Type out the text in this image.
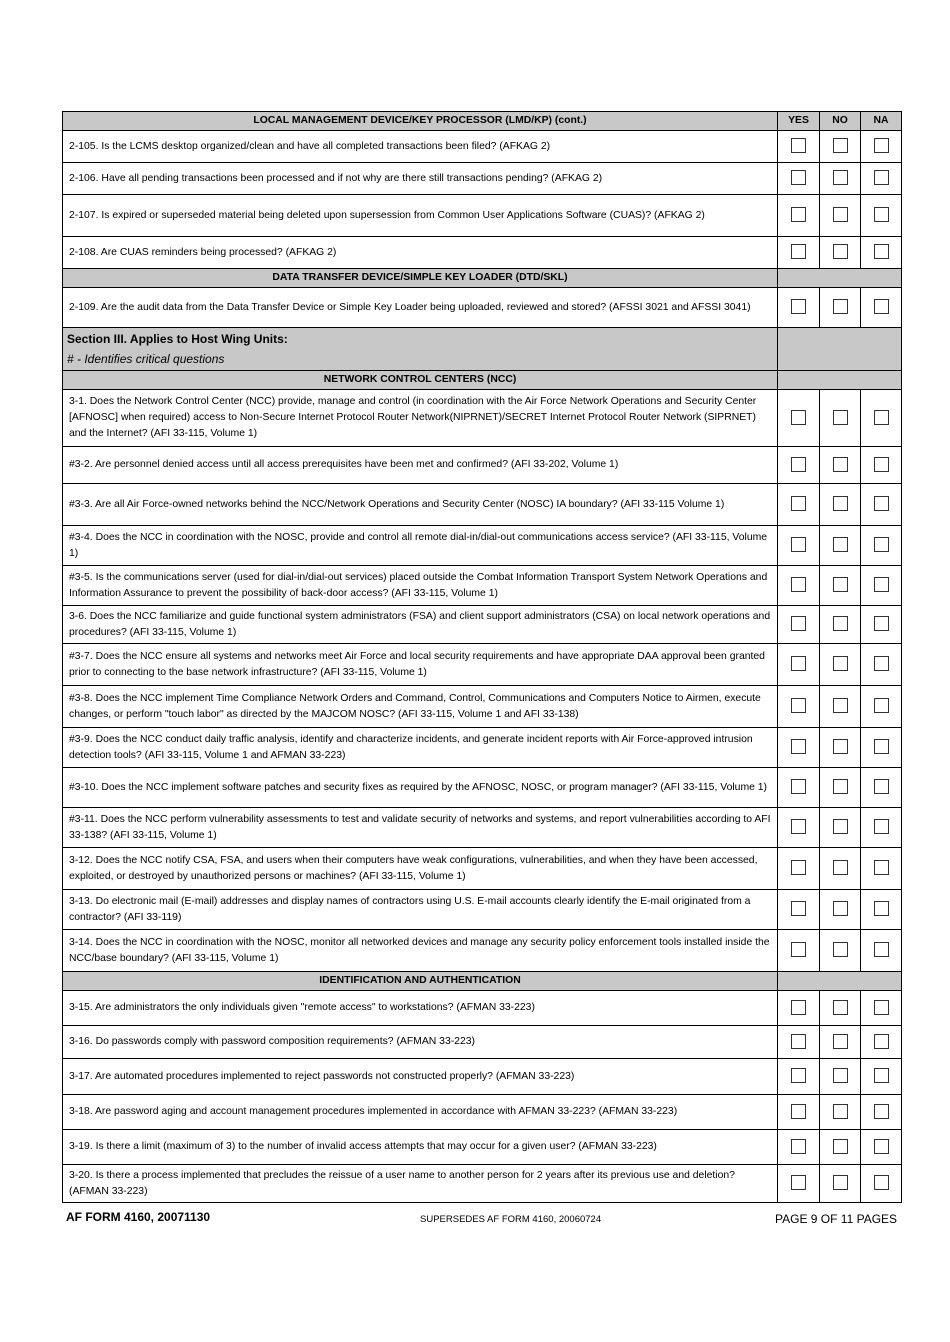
LOCAL MANAGEMENT DEVICE/KEY PROCESSOR (LMD/KP) (cont.)	YES	NO	NA
2-105. Is the LCMS desktop organized/clean and have all completed transactions been filed? (AFKAG 2)			
2-106. Have all pending transactions been processed and if not why are there still transactions pending? (AFKAG 2)			
2-107. Is expired or superseded material being deleted upon supersession from Common User Applications Software (CUAS)? (AFKAG 2)			
2-108. Are CUAS reminders being processed? (AFKAG 2)			
DATA TRANSFER DEVICE/SIMPLE KEY LOADER (DTD/SKL)			
2-109. Are the audit data from the Data Transfer Device or Simple Key Loader being uploaded, reviewed and stored? (AFSSI 3021 and AFSSI 3041)			

Section III. Applies to Host Wing Units:
# - Identifies critical questions			

NETWORK CONTROL CENTERS (NCC)			
3-1. Does the Network Control Center (NCC) provide, manage and control (in coordination with the Air Force Network Operations and Security Center [AFNOSC] when required) access to Non-Secure Internet Protocol Router Network(NIPRNET)/SECRET Internet Protocol Router Network (SIPRNET) and the Internet? (AFI 33-115, Volume 1)			
#3-2. Are personnel denied access until all access prerequisites have been met and confirmed? (AFI 33-202, Volume 1)			
#3-3. Are all Air Force-owned networks behind the NCC/Network Operations and Security Center (NOSC) IA boundary? (AFI 33-115 Volume 1)			
#3-4. Does the NCC in coordination with the NOSC, provide and control all remote dial-in/dial-out communications access service? (AFI 33-115, Volume 1)			
#3-5. Is the communications server (used for dial-in/dial-out services) placed outside the Combat Information Transport System Network Operations and Information Assurance to prevent the possibility of back-door access? (AFI 33-115, Volume 1)			
3-6. Does the NCC familiarize and guide functional system administrators (FSA) and client support administrators (CSA) on local network operations and procedures? (AFI 33-115, Volume 1)			
#3-7. Does the NCC ensure all systems and networks meet Air Force and local security requirements and have appropriate DAA approval been granted prior to connecting to the base network infrastructure? (AFI 33-115, Volume 1)			
#3-8. Does the NCC implement Time Compliance Network Orders and Command, Control, Communications and Computers Notice to Airmen, execute changes, or perform "touch labor" as directed by the MAJCOM NOSC? (AFI 33-115, Volume 1 and AFI 33-138)			
#3-9. Does the NCC conduct daily traffic analysis, identify and characterize incidents, and generate incident reports with Air Force-approved intrusion detection tools? (AFI 33-115, Volume 1 and AFMAN 33-223)			
#3-10. Does the NCC implement software patches and security fixes as required by the AFNOSC, NOSC, or program manager? (AFI 33-115, Volume 1)			
#3-11. Does the NCC perform vulnerability assessments to test and validate security of networks and systems, and report vulnerabilities according to AFI 33-138? (AFI 33-115, Volume 1)			
3-12. Does the NCC notify CSA, FSA, and users when their computers have weak configurations, vulnerabilities, and when they have been accessed, exploited, or destroyed by unauthorized persons or machines? (AFI 33-115, Volume 1)			
3-13. Do electronic mail (E-mail) addresses and display names of contractors using U.S. E-mail accounts clearly identify the E-mail originated from a contractor? (AFI 33-119)			
3-14. Does the NCC in coordination with the NOSC, monitor all networked devices and manage any security policy enforcement tools installed inside the NCC/base boundary? (AFI 33-115, Volume 1)			
IDENTIFICATION AND AUTHENTICATION			
3-15. Are administrators the only individuals given "remote access" to workstations? (AFMAN 33-223)			
3-16. Do passwords comply with password composition requirements? (AFMAN 33-223)			
3-17. Are automated procedures implemented to reject passwords not constructed properly? (AFMAN 33-223)			
3-18. Are password aging and account management procedures implemented in accordance with AFMAN 33-223? (AFMAN 33-223)			
3-19. Is there a limit (maximum of 3) to the number of invalid access attempts that may occur for a given user? (AFMAN 33-223)			
3-20. Is there a process implemented that precludes the reissue of a user name to another person for 2 years after its previous use and deletion? (AFMAN 33-223)			
AF FORM 4160, 20071130	SUPERSEDES AF FORM 4160, 20060724	PAGE 9 OF 11 PAGES
